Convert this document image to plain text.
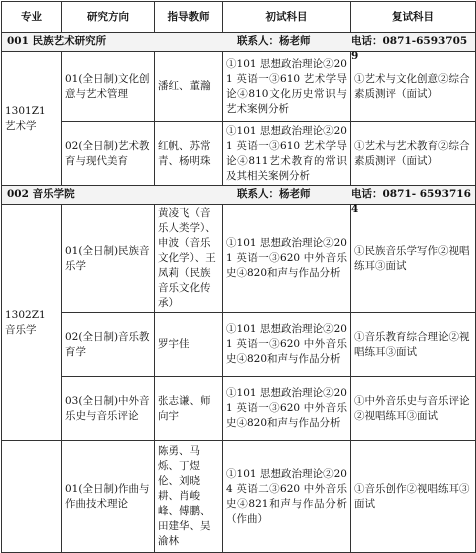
专业	研究方向	指导教师	初试科目	复试科目

001 民族艺术研究所 联系人：杨老师 电话：0871-65937059				

1301Z1
艺术学	01(全日制)文化创意与艺术管理	潘红、董瀚	①101 思想政治理论②201 英语一③610 艺术学导论④810文化历史常识与艺术案例分析	①艺术与文化创意②综合素质测评（面试）
	02(全日制)艺术教育与现代美育	红帆、苏常青、杨明珠	①101 思想政治理论②201 英语一③610 艺术学导论④811艺术教育的常识及其相关案例分析	①艺术与艺术教育②综合素质测评（面试）

002 音乐学院 联系人：杨老师 电话：0871- 65937164				

1302Z1
音乐学	01(全日制)民族音乐学	黄凌飞（音乐人类学）、申波（音乐文化学）、王凤莉（民族音乐文化传承）	①101 思想政治理论②201 英语一③620 中外音乐史④820和声与作品分析	①民族音乐学写作②视唱练耳③面试
	02(全日制)音乐教育学	罗宇佳	①101 思想政治理论②201 英语一③620 中外音乐史④820和声与作品分析	①音乐教育综合理论②视唱练耳③面试
	03(全日制)中外音乐史与音乐评论	张志谦、师向宇	①101 思想政治理论②201 英语一③620 中外音乐史④820和声与作品分析	①中外音乐史与音乐评论②视唱练耳③面试
	01(全日制)作曲与作曲技术理论	陈勇、马烁、丁煜伦、刘晓耕、肖峻峰、傅鹏、田建华、吴渝林	①101 思想政治理论②204 英语二③620 中外音乐史④821和声与作品分析（作曲）	①音乐创作②视唱练耳③面试
